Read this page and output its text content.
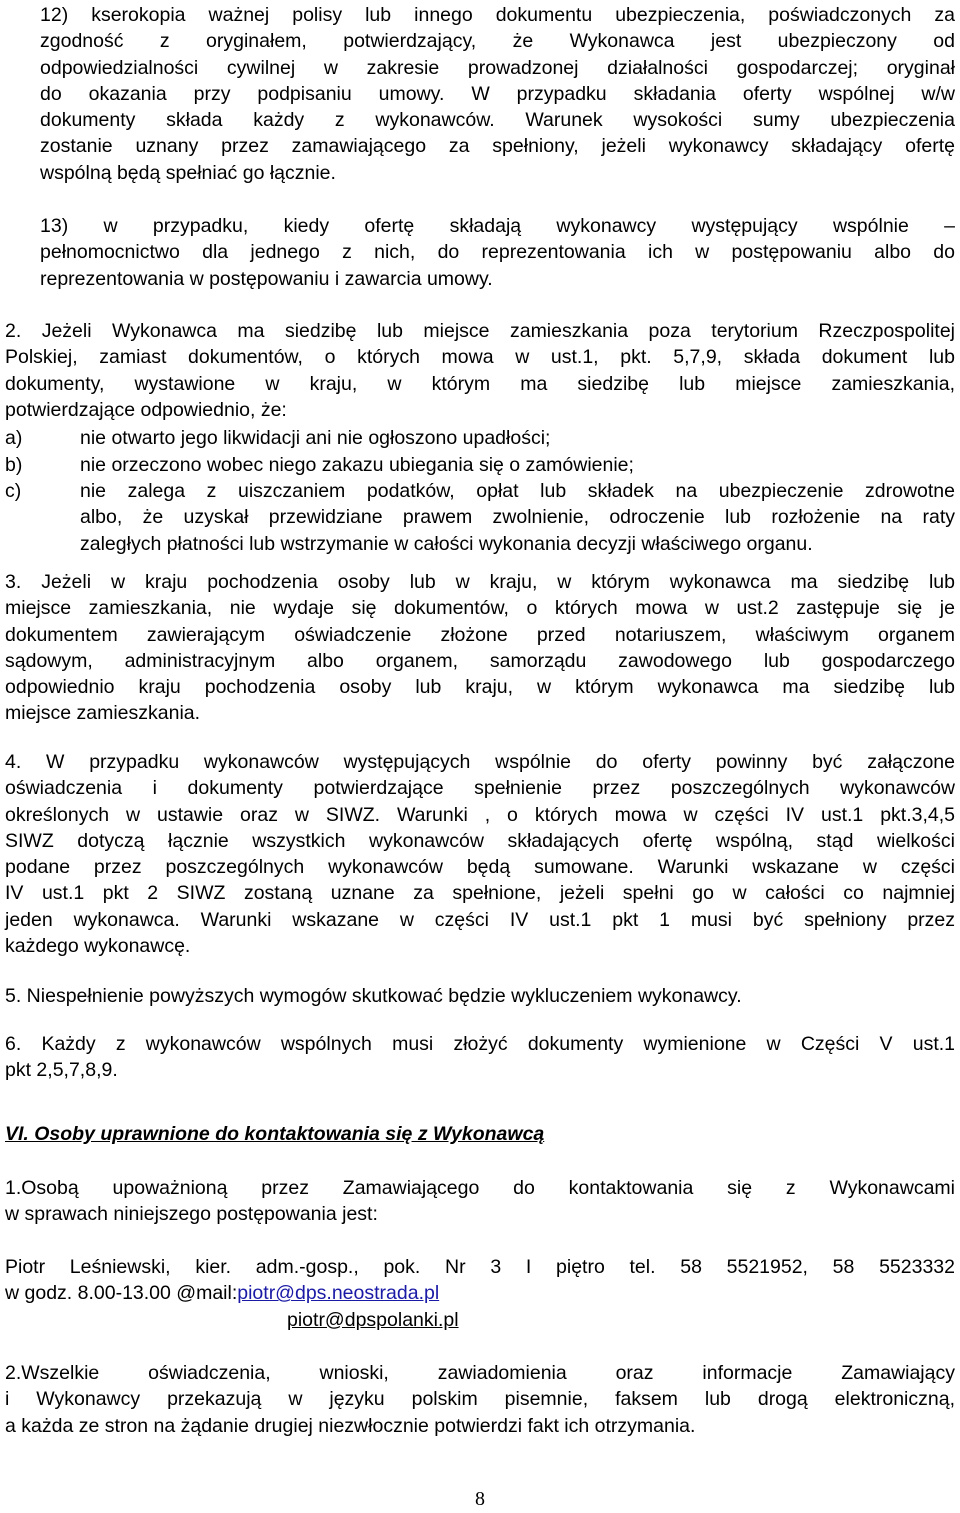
12) kserokopia ważnej polisy lub innego dokumentu ubezpieczenia, poświadczonych za
zgodność z oryginałem, potwierdzający, że Wykonawca jest ubezpieczony od
odpowiedzialności cywilnej w zakresie prowadzonej działalności gospodarczej; oryginał
do okazania przy podpisaniu umowy. W przypadku składania oferty wspólnej w/w
dokumenty składa każdy z wykonawców. Warunek wysokości sumy ubezpieczenia
zostanie uznany przez zamawiającego za spełniony, jeżeli wykonawcy składający ofertę
wspólną będą spełniać go łącznie.
13) w przypadku, kiedy ofertę składają wykonawcy występujący wspólnie –
pełnomocnictwo dla jednego z nich, do reprezentowania ich w postępowaniu albo do
reprezentowania w postępowaniu i zawarcia umowy.
2. Jeżeli Wykonawca ma siedzibę lub miejsce zamieszkania poza terytorium Rzeczpospolitej
Polskiej, zamiast dokumentów, o których mowa w ust.1, pkt. 5,7,9, składa dokument lub
dokumenty, wystawione w kraju, w którym ma siedzibę lub miejsce zamieszkania,
potwierdzające odpowiednio, że:
a)	nie otwarto jego likwidacji ani nie ogłoszono upadłości;
b)	nie orzeczono wobec niego zakazu ubiegania się o zamówienie;
c)	nie zalega z uiszczaniem podatków, opłat lub składek na ubezpieczenie zdrowotne
albo, że uzyskał przewidziane prawem zwolnienie, odroczenie lub rozłożenie na raty
zaległych płatności lub wstrzymanie w całości wykonania decyzji właściwego organu.
3. Jeżeli w kraju pochodzenia osoby lub w kraju, w którym wykonawca ma siedzibę lub
miejsce zamieszkania, nie wydaje się dokumentów, o których mowa w ust.2 zastępuje się je
dokumentem zawierającym oświadczenie złożone przed notariuszem, właściwym organem
sądowym, administracyjnym albo organem, samorządu zawodowego lub gospodarczego
odpowiednio kraju pochodzenia osoby lub kraju, w którym wykonawca ma siedzibę lub
miejsce zamieszkania.
4. W przypadku wykonawców występujących wspólnie do oferty powinny być załączone
oświadczenia i dokumenty potwierdzające spełnienie przez poszczególnych wykonawców
określonych w ustawie oraz w SIWZ. Warunki , o których mowa w części IV ust.1 pkt.3,4,5
SIWZ dotyczą łącznie wszystkich wykonawców składających ofertę wspólną, stąd wielkości
podane przez poszczególnych wykonawców będą sumowane. Warunki wskazane w części
IV ust.1 pkt 2 SIWZ zostaną uznane za spełnione, jeżeli spełni go w całości co najmniej
jeden wykonawca. Warunki wskazane w części IV ust.1 pkt 1 musi być spełniony przez
każdego wykonawcę.
5. Niespełnienie powyższych wymogów skutkować będzie wykluczeniem wykonawcy.
6. Każdy z wykonawców wspólnych musi złożyć dokumenty wymienione w Części V ust.1
pkt 2,5,7,8,9.
VI. Osoby uprawnione do kontaktowania się z Wykonawcą
1.Osobą upoważnioną przez Zamawiającego do kontaktowania się z Wykonawcami
w sprawach niniejszego postępowania jest:
Piotr Leśniewski, kier. adm.-gosp., pok. Nr 3 I piętro tel. 58 5521952, 58 5523332
w godz. 8.00-13.00 @mail:piotr@dps.neostrada.pl
piotr@dpspolanki.pl
2.Wszelkie oświadczenia, wnioski, zawiadomienia oraz informacje Zamawiający
i Wykonawcy przekazują w języku polskim pisemnie, faksem lub drogą elektroniczną,
a każda ze stron na żądanie drugiej niezwłocznie potwierdzi fakt ich otrzymania.
8
